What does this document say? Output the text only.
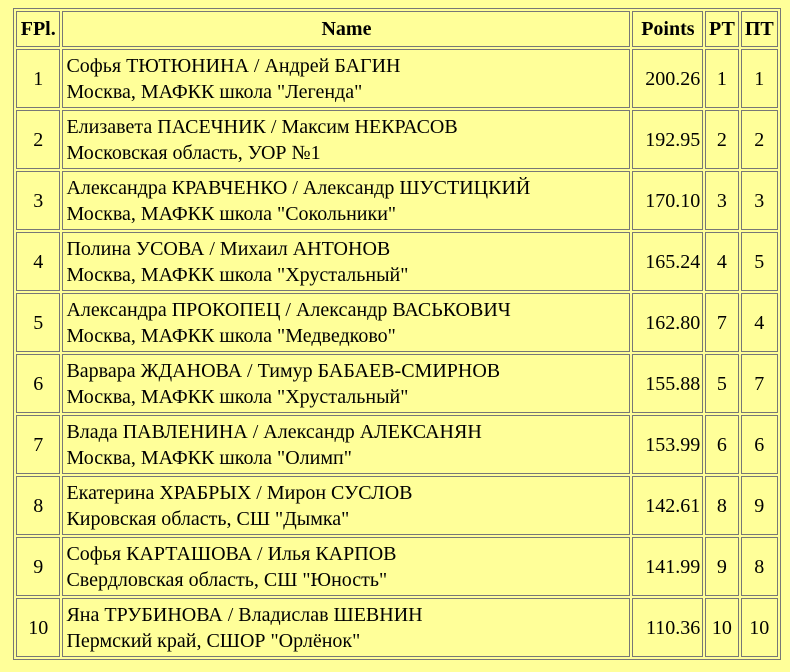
FPl.	Name	Points	РТ	ПТ
1	Софья ТЮТЮНИНА / Андрей БАГИН
Москва, МАФКК школа "Легенда"	200.26	1	1
2	Елизавета ПАСЕЧНИК / Максим НЕКРАСОВ
Московская область, УОР №1	192.95	2	2
3	Александра КРАВЧЕНКО / Александр ШУСТИЦКИЙ
Москва, МАФКК школа "Сокольники"	170.10	3	3
4	Полина УСОВА / Михаил АНТОНОВ
Москва, МАФКК школа "Хрустальный"	165.24	4	5
5	Александра ПРОКОПЕЦ / Александр ВАСЬКОВИЧ
Москва, МАФКК школа "Медведково"	162.80	7	4
6	Варвара ЖДАНОВА / Тимур БАБАЕВ-СМИРНОВ
Москва, МАФКК школа "Хрустальный"	155.88	5	7
7	Влада ПАВЛЕНИНА / Александр АЛЕКСАНЯН
Москва, МАФКК школа "Олимп"	153.99	6	6
8	Екатерина ХРАБРЫХ / Мирон СУСЛОВ
Кировская область, СШ "Дымка"	142.61	8	9
9	Софья КАРТАШОВА / Илья КАРПОВ
Свердловская область, СШ "Юность"	141.99	9	8
10	Яна ТРУБИНОВА / Владислав ШЕВНИН
Пермский край, СШОР "Орлёнок"	110.36	10	10
